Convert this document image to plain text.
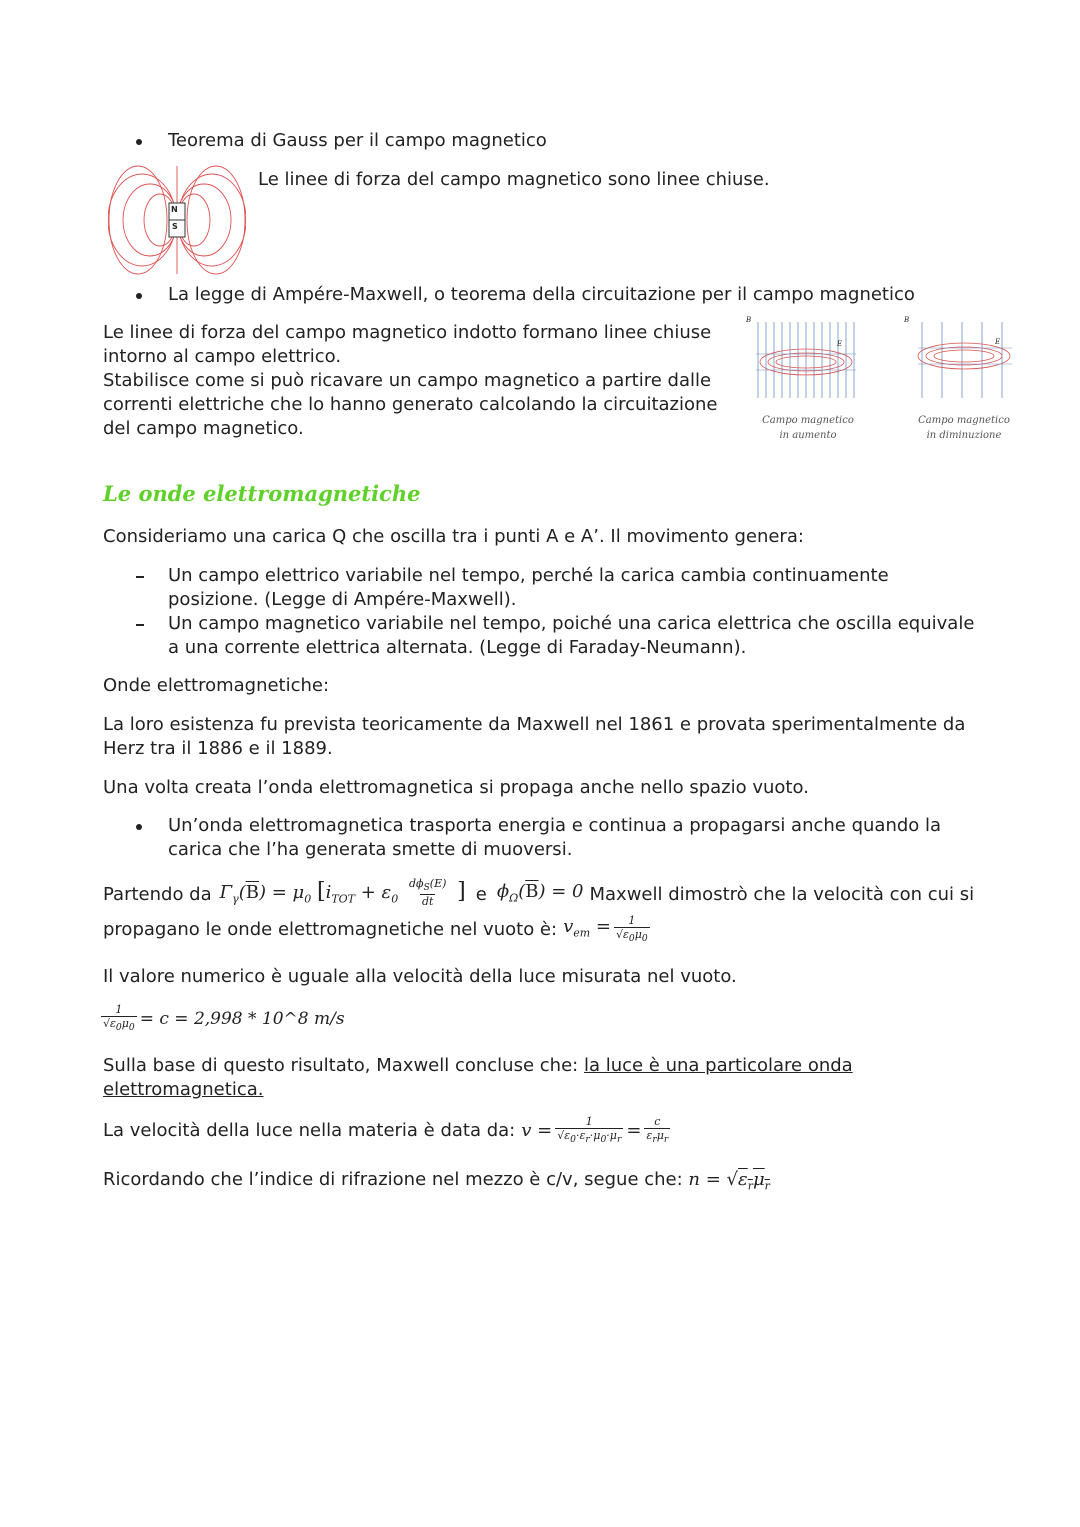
Teorema di Gauss per il campo magnetico
N
S
Le linee di forza del campo magnetico sono linee chiuse.
La legge di Ampére-Maxwell, o teorema della circuitazione per il campo magnetico
Le linee di forza del campo magnetico indotto formano linee chiuse
intorno al campo elettrico.
Stabilisce come si può ricavare un campo magnetico a partire dalle
correnti elettriche che lo hanno generato calcolando la circuitazione
del campo magnetico.
B
E
Campo magnetico
in aumento
B
E
Campo magnetico
in diminuzione
Le onde elettromagnetiche
Consideriamo una carica Q che oscilla tra i punti A e A’. Il movimento genera:
Un campo elettrico variabile nel tempo, perché la carica cambia continuamente
posizione. (Legge di Ampére-Maxwell).
Un campo magnetico variabile nel tempo, poiché una carica elettrica che oscilla equivale
a una corrente elettrica alternata. (Legge di Faraday-Neumann).
Onde elettromagnetiche:
La loro esistenza fu prevista teoricamente da Maxwell nel 1861 e provata sperimentalmente da
Herz tra il 1886 e il 1889.
Una volta creata l’onda elettromagnetica si propaga anche nello spazio vuoto.
Un’onda elettromagnetica trasporta energia e continua a propagarsi anche quando la
carica che l’ha generata smette di muoversi.
Partendo da $\Gamma_\gamma(\overline{B}) = \mu_0$ [$i_{TOT} + \varepsilon_0 \frac{d\phi_S(E)}{dt}$ ] e $\phi_\Omega(\overline{B}) = 0$ Maxwell dimostrò che la velocità con cui si
propagano le onde elettromagnetiche nel vuoto è: $v_{em} = \frac{1}{√\varepsilon_0\mu_0}$
Il valore numerico è uguale alla velocità della luce misurata nel vuoto.
$\frac{1}{√\varepsilon_0\mu_0} = c = 2,998$ * 10^8 m/s
Sulla base di questo risultato, Maxwell concluse che: la luce è una particolare onda
elettromagnetica.
La velocità della luce nella materia è data da: $v = \frac{1}{√\varepsilon_0\cdot\varepsilon_r\cdot\mu_0\cdot\mu_r} = \frac{c}{\varepsilon_r\mu_r}$
Ricordando che l’indice di rifrazione nel mezzo è c/v, segue che: $n = √\varepsilon_r\mu_r$
